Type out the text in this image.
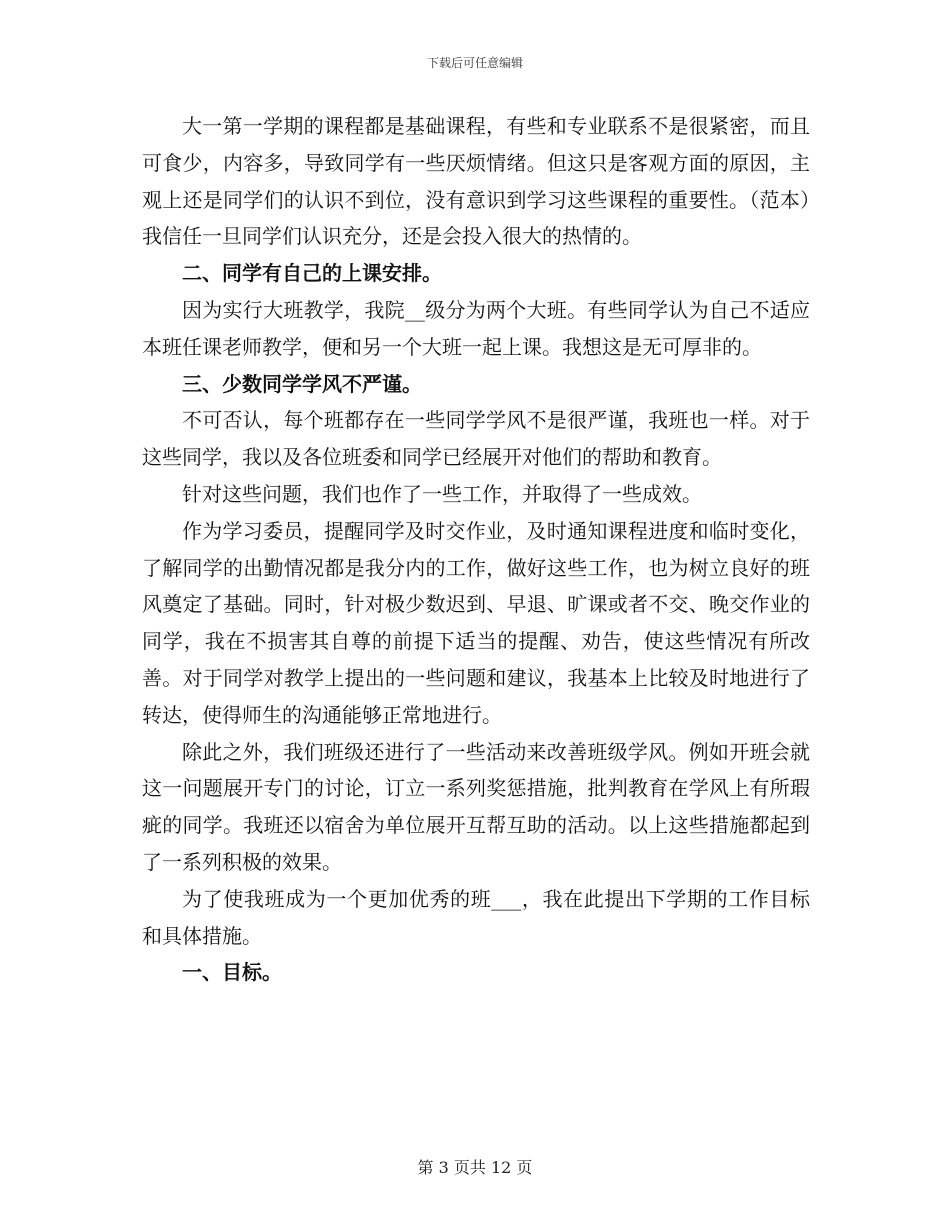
下载后可任意编辑

大一第一学期的课程都是基础课程，有些和专业联系不是很紧密，而且可食少，内容多，导致同学有一些厌烦情绪。但这只是客观方面的原因，主观上还是同学们的认识不到位，没有意识到学习这些课程的重要性。（范本）我信任一旦同学们认识充分，还是会投入很大的热情的。

二、同学有自己的上课安排。

因为实行大班教学，我院__级分为两个大班。有些同学认为自己不适应本班任课老师教学，便和另一个大班一起上课。我想这是无可厚非的。

三、少数同学学风不严谨。

不可否认，每个班都存在一些同学学风不是很严谨，我班也一样。对于这些同学，我以及各位班委和同学已经展开对他们的帮助和教育。

针对这些问题，我们也作了一些工作，并取得了一些成效。

作为学习委员，提醒同学及时交作业，及时通知课程进度和临时变化，了解同学的出勤情况都是我分内的工作，做好这些工作，也为树立良好的班风奠定了基础。同时，针对极少数迟到、早退、旷课或者不交、晚交作业的同学，我在不损害其自尊的前提下适当的提醒、劝告，使这些情况有所改善。对于同学对教学上提出的一些问题和建议，我基本上比较及时地进行了转达，使得师生的沟通能够正常地进行。

除此之外，我们班级还进行了一些活动来改善班级学风。例如开班会就这一问题展开专门的讨论，订立一系列奖惩措施，批判教育在学风上有所瑕疵的同学。我班还以宿舍为单位展开互帮互助的活动。以上这些措施都起到了一系列积极的效果。

为了使我班成为一个更加优秀的班___，我在此提出下学期的工作目标和具体措施。

一、目标。

第 3 页共 12 页
